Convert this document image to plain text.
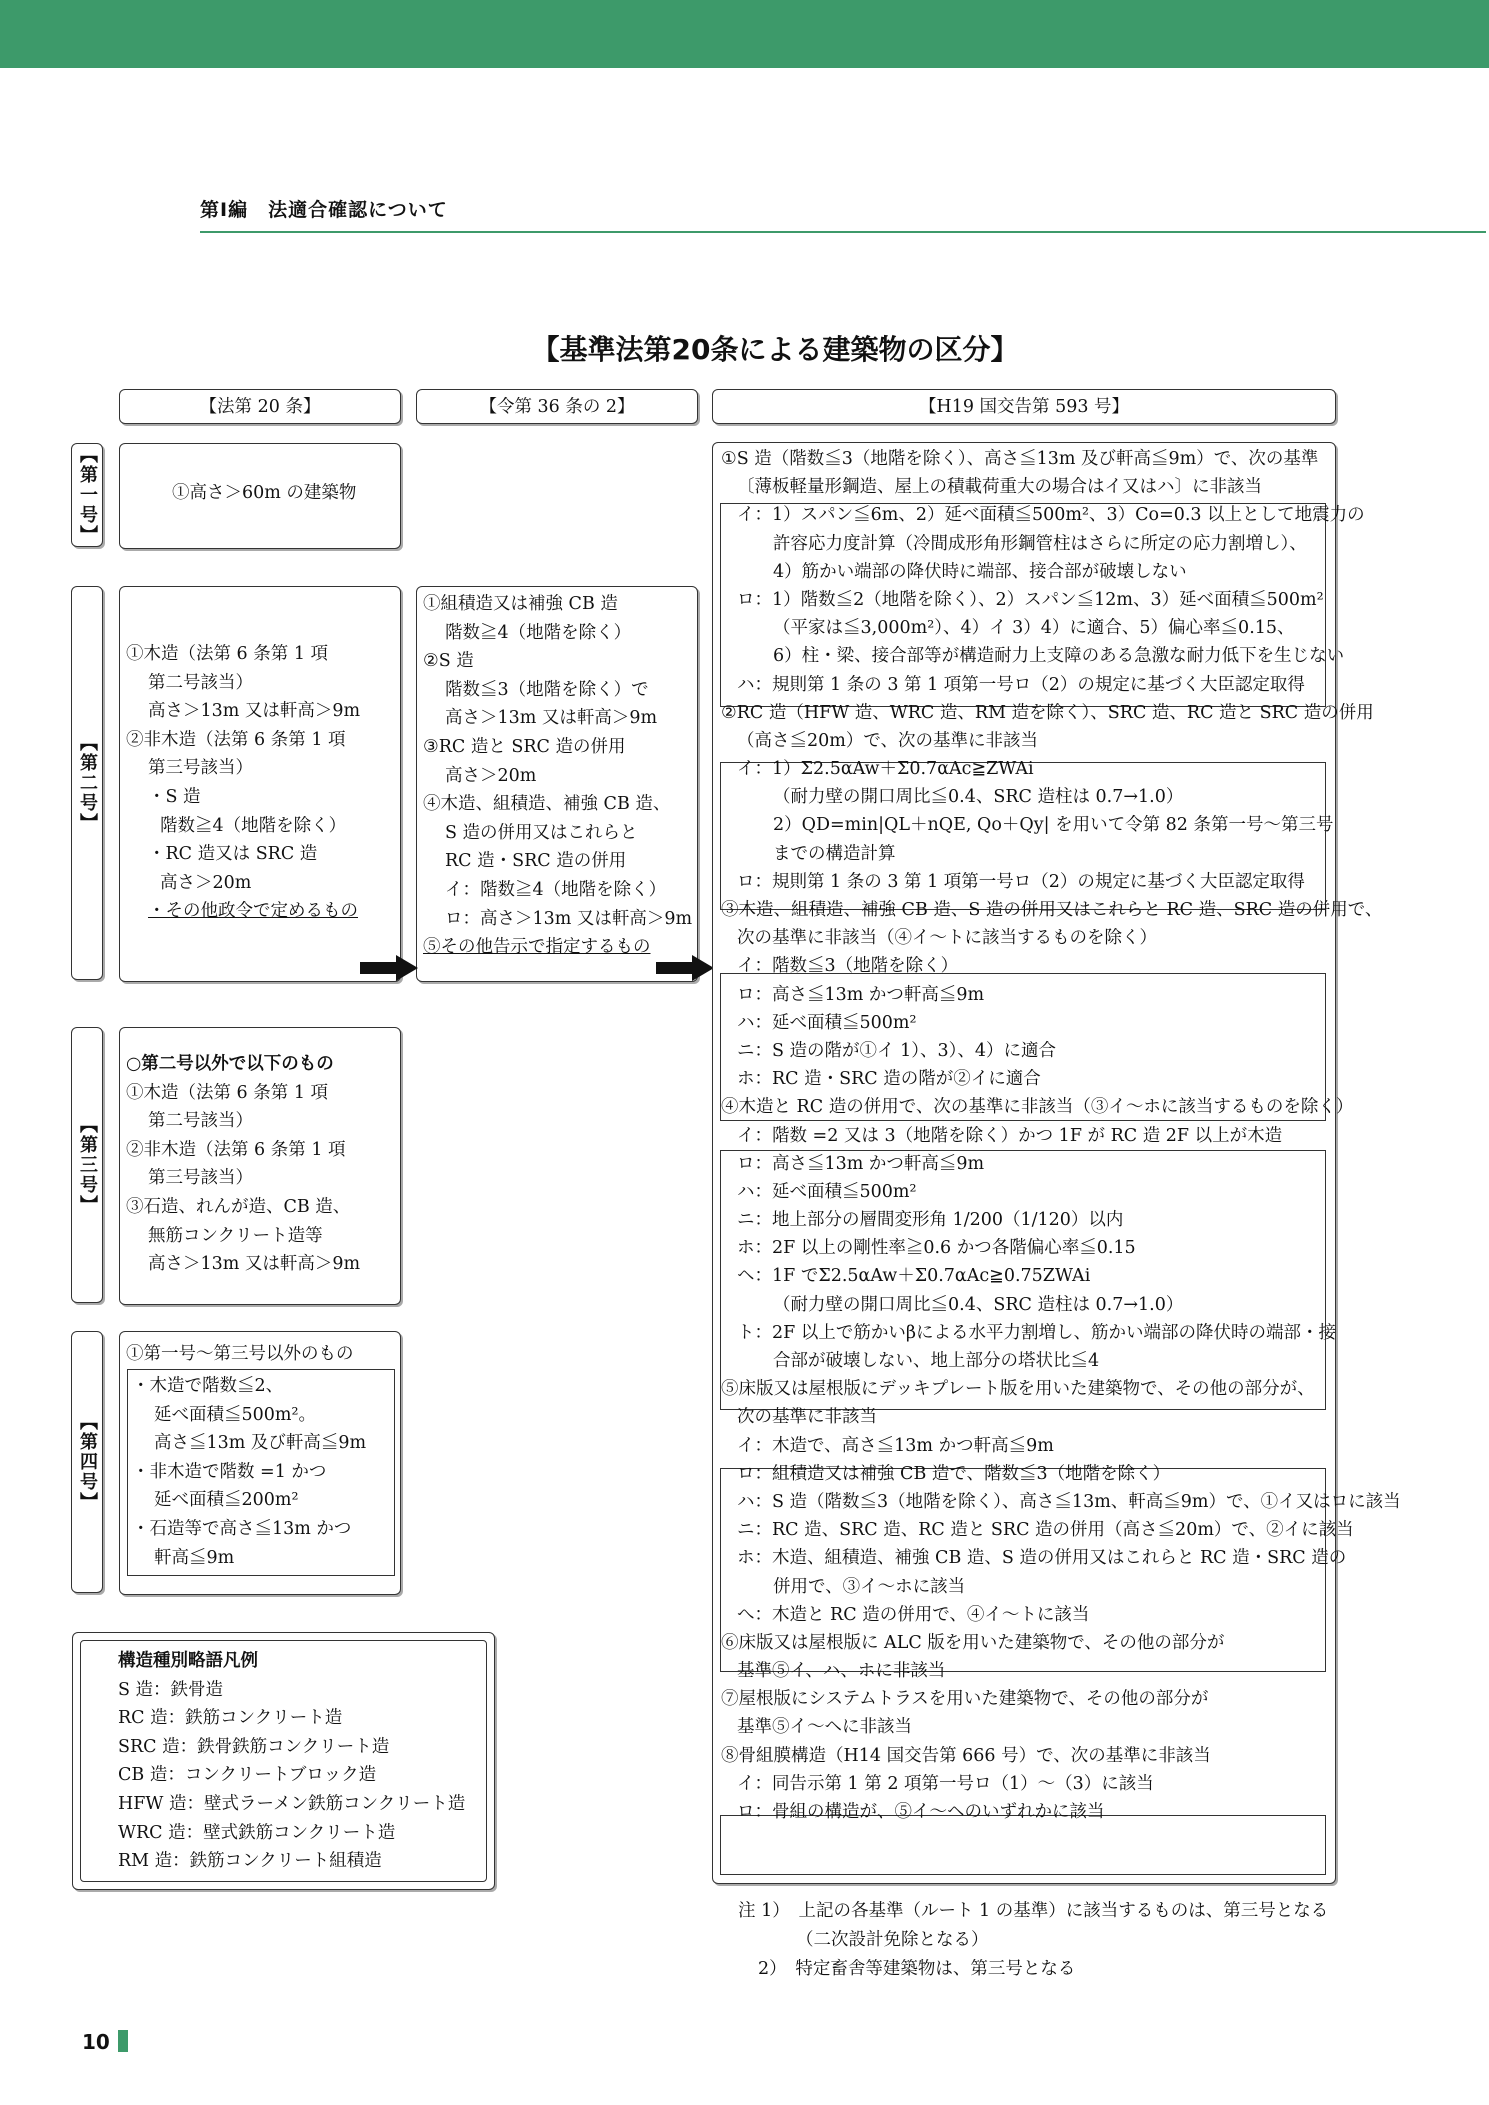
第Ⅰ編　法適合確認について
【基準法第20条による建築物の区分】
【法第 20 条】	【令第 36 条の 2】	【H19 国交告第 593 号】
【第一号】
【第二号】
【第三号】
【第四号】
①高さ＞60m の建築物
①木造（法第 6 条第 1 項
第二号該当）
高さ＞13m 又は軒高＞9m
②非木造（法第 6 条第 1 項
第三号該当）
・S 造
階数≧4（地階を除く）
・RC 造又は SRC 造
高さ＞20m
・その他政令で定めるもの
○第二号以外で以下のもの
①木造（法第 6 条第 1 項
第二号該当）
②非木造（法第 6 条第 1 項
第三号該当）
③石造、れんが造、CB 造、
無筋コンクリート造等
高さ＞13m 又は軒高＞9m
①第一号～第三号以外のもの
・木造で階数≦2、
延べ面積≦500m²。
高さ≦13m 及び軒高≦9m
・非木造で階数 =1 かつ
延べ面積≦200m²
・石造等で高さ≦13m かつ
軒高≦9m
構造種別略語凡例
S 造：鉄骨造
RC 造：鉄筋コンクリート造
SRC 造：鉄骨鉄筋コンクリート造
CB 造：コンクリートブロック造
HFW 造：壁式ラーメン鉄筋コンクリート造
WRC 造：壁式鉄筋コンクリート造
RM 造：鉄筋コンクリート組積造
①組積造又は補強 CB 造
階数≧4（地階を除く）
②S 造
階数≦3（地階を除く）で
高さ＞13m 又は軒高＞9m
③RC 造と SRC 造の併用
高さ＞20m
④木造、組積造、補強 CB 造、
S 造の併用又はこれらと
RC 造・SRC 造の併用
イ：階数≧4（地階を除く）
ロ：高さ＞13m 又は軒高＞9m
⑤その他告示で指定するもの
①S 造（階数≦3（地階を除く）、高さ≦13m 及び軒高≦9m）で、次の基準
〔薄板軽量形鋼造、屋上の積載荷重大の場合はイ又はハ〕に非該当
イ：1）スパン≦6m、2）延べ面積≦500m²、3）Co=0.3 以上として地震力の
許容応力度計算（冷間成形角形鋼管柱はさらに所定の応力割増し）、
4）筋かい端部の降伏時に端部、接合部が破壊しない
ロ：1）階数≦2（地階を除く）、2）スパン≦12m、3）延べ面積≦500m²
（平家は≦3,000m²）、4）イ 3）4）に適合、5）偏心率≦0.15、
6）柱・梁、接合部等が構造耐力上支障のある急激な耐力低下を生じない
ハ：規則第 1 条の 3 第 1 項第一号ロ（2）の規定に基づく大臣認定取得
②RC 造（HFW 造、WRC 造、RM 造を除く）、SRC 造、RC 造と SRC 造の併用
（高さ≦20m）で、次の基準に非該当
イ：1）Σ2.5αAw＋Σ0.7αAc≧ZWAi
（耐力壁の開口周比≦0.4、SRC 造柱は 0.7→1.0）
2）QD=min|QL＋nQE, Qo＋Qy| を用いて令第 82 条第一号～第三号
までの構造計算
ロ：規則第 1 条の 3 第 1 項第一号ロ（2）の規定に基づく大臣認定取得
③木造、組積造、補強 CB 造、S 造の併用又はこれらと RC 造、SRC 造の併用で、
次の基準に非該当（④イ～トに該当するものを除く）
イ：階数≦3（地階を除く）
ロ：高さ≦13m かつ軒高≦9m
ハ：延べ面積≦500m²
ニ：S 造の階が①イ 1）、3）、4）に適合
ホ：RC 造・SRC 造の階が②イに適合
④木造と RC 造の併用で、次の基準に非該当（③イ～ホに該当するものを除く）
イ：階数 =2 又は 3（地階を除く）かつ 1F が RC 造 2F 以上が木造
ロ：高さ≦13m かつ軒高≦9m
ハ：延べ面積≦500m²
ニ：地上部分の層間変形角 1/200（1/120）以内
ホ：2F 以上の剛性率≧0.6 かつ各階偏心率≦0.15
ヘ：1F でΣ2.5αAw＋Σ0.7αAc≧0.75ZWAi
（耐力壁の開口周比≦0.4、SRC 造柱は 0.7→1.0）
ト：2F 以上で筋かいβによる水平力割増し、筋かい端部の降伏時の端部・接
合部が破壊しない、地上部分の塔状比≦4
⑤床版又は屋根版にデッキプレート版を用いた建築物で、その他の部分が、
次の基準に非該当
イ：木造で、高さ≦13m かつ軒高≦9m
ロ：組積造又は補強 CB 造で、階数≦3（地階を除く）
ハ：S 造（階数≦3（地階を除く）、高さ≦13m、軒高≦9m）で、①イ又はロに該当
ニ：RC 造、SRC 造、RC 造と SRC 造の併用（高さ≦20m）で、②イに該当
ホ：木造、組積造、補強 CB 造、S 造の併用又はこれらと RC 造・SRC 造の
併用で、③イ～ホに該当
へ：木造と RC 造の併用で、④イ～トに該当
⑥床版又は屋根版に ALC 版を用いた建築物で、その他の部分が
基準⑤イ、ハ、ホに非該当
⑦屋根版にシステムトラスを用いた建築物で、その他の部分が
基準⑤イ～ヘに非該当
⑧骨組膜構造（H14 国交告第 666 号）で、次の基準に非該当
イ：同告示第 1 第 2 項第一号ロ（1）～（3）に該当
ロ：骨組の構造が、⑤イ～ヘのいずれかに該当
注 1）　上記の各基準（ルート 1 の基準）に該当するものは、第三号となる
（二次設計免除となる）
2）　特定畜舎等建築物は、第三号となる
10
